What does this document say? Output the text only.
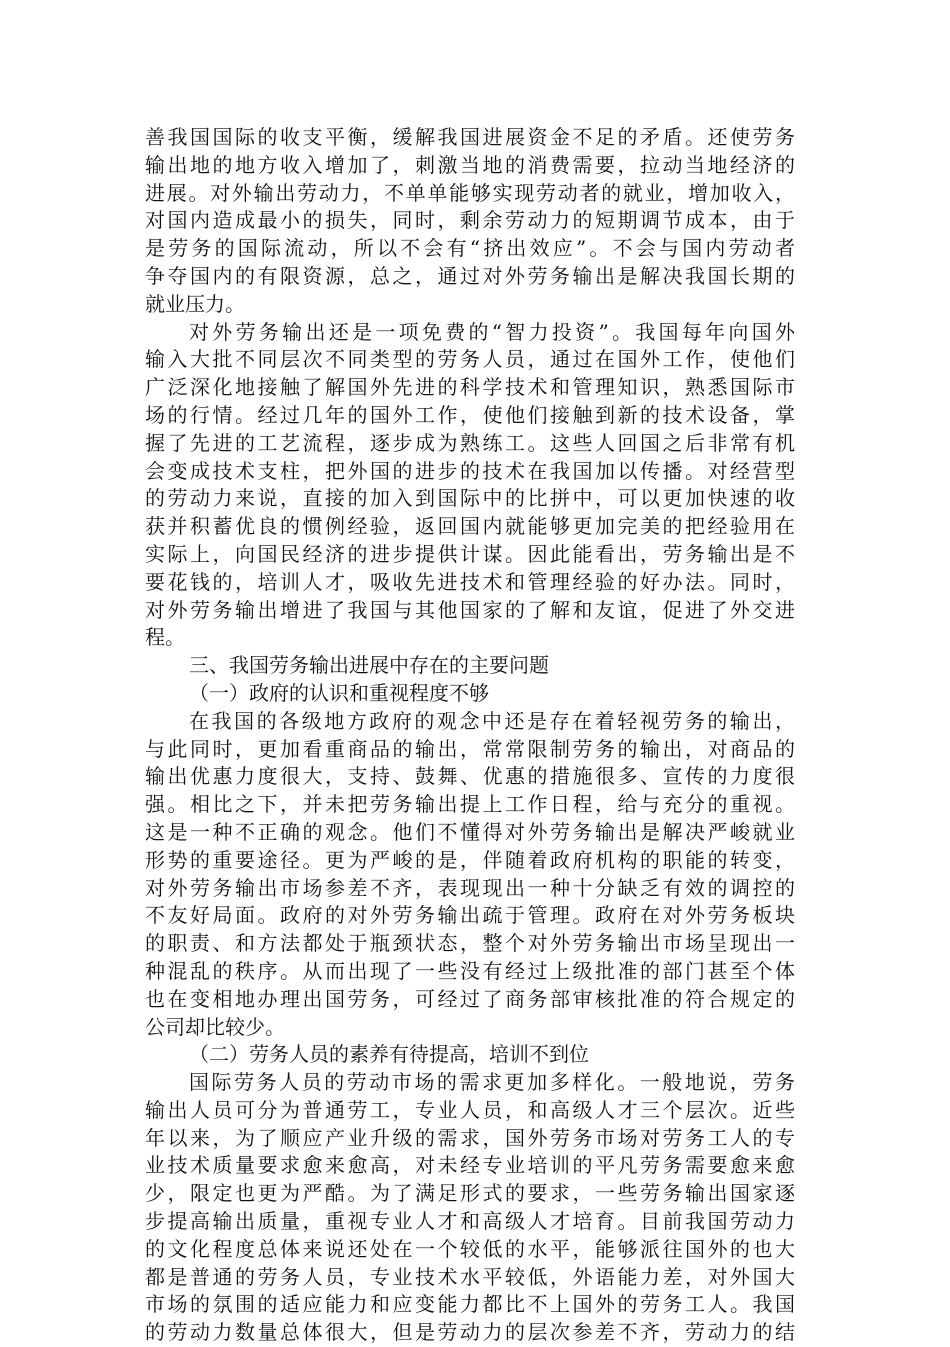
善我国国际的收支平衡，缓解我国进展资金不足的矛盾。还使劳务
输出地的地方收入增加了，刺激当地的消费需要，拉动当地经济的
进展。对外输出劳动力，不单单能够实现劳动者的就业，增加收入，
对国内造成最小的损失，同时，剩余劳动力的短期调节成本，由于
是劳务的国际流动，所以不会有“挤出效应”。不会与国内劳动者
争夺国内的有限资源，总之，通过对外劳务输出是解决我国长期的
就业压力。
对外劳务输出还是一项免费的“智力投资”。我国每年向国外
输入大批不同层次不同类型的劳务人员，通过在国外工作，使他们
广泛深化地接触了解国外先进的科学技术和管理知识，熟悉国际市
场的行情。经过几年的国外工作，使他们接触到新的技术设备，掌
握了先进的工艺流程，逐步成为熟练工。这些人回国之后非常有机
会变成技术支柱，把外国的进步的技术在我国加以传播。对经营型
的劳动力来说，直接的加入到国际中的比拼中，可以更加快速的收
获并积蓄优良的惯例经验，返回国内就能够更加完美的把经验用在
实际上，向国民经济的进步提供计谋。因此能看出，劳务输出是不
要花钱的，培训人才，吸收先进技术和管理经验的好办法。同时，
对外劳务输出增进了我国与其他国家的了解和友谊，促进了外交进
程。
三、我国劳务输出进展中存在的主要问题
（一）政府的认识和重视程度不够
在我国的各级地方政府的观念中还是存在着轻视劳务的输出，
与此同时，更加看重商品的输出，常常限制劳务的输出，对商品的
输出优惠力度很大，支持、鼓舞、优惠的措施很多、宣传的力度很
强。相比之下，并未把劳务输出提上工作日程，给与充分的重视。
这是一种不正确的观念。他们不懂得对外劳务输出是解决严峻就业
形势的重要途径。更为严峻的是，伴随着政府机构的职能的转变，
对外劳务输出市场参差不齐，表现现出一种十分缺乏有效的调控的
不友好局面。政府的对外劳务输出疏于管理。政府在对外劳务板块
的职责、和方法都处于瓶颈状态，整个对外劳务输出市场呈现出一
种混乱的秩序。从而出现了一些没有经过上级批准的部门甚至个体
也在变相地办理出国劳务，可经过了商务部审核批准的符合规定的
公司却比较少。
（二）劳务人员的素养有待提高，培训不到位
国际劳务人员的劳动市场的需求更加多样化。一般地说，劳务
输出人员可分为普通劳工，专业人员，和高级人才三个层次。近些
年以来，为了顺应产业升级的需求，国外劳务市场对劳务工人的专
业技术质量要求愈来愈高，对未经专业培训的平凡劳务需要愈来愈
少，限定也更为严酷。为了满足形式的要求，一些劳务输出国家逐
步提高输出质量，重视专业人才和高级人才培育。目前我国劳动力
的文化程度总体来说还处在一个较低的水平，能够派往国外的也大
都是普通的劳务人员，专业技术水平较低，外语能力差，对外国大
市场的氛围的适应能力和应变能力都比不上国外的劳务工人。我国
的劳动力数量总体很大，但是劳动力的层次参差不齐，劳动力的结
